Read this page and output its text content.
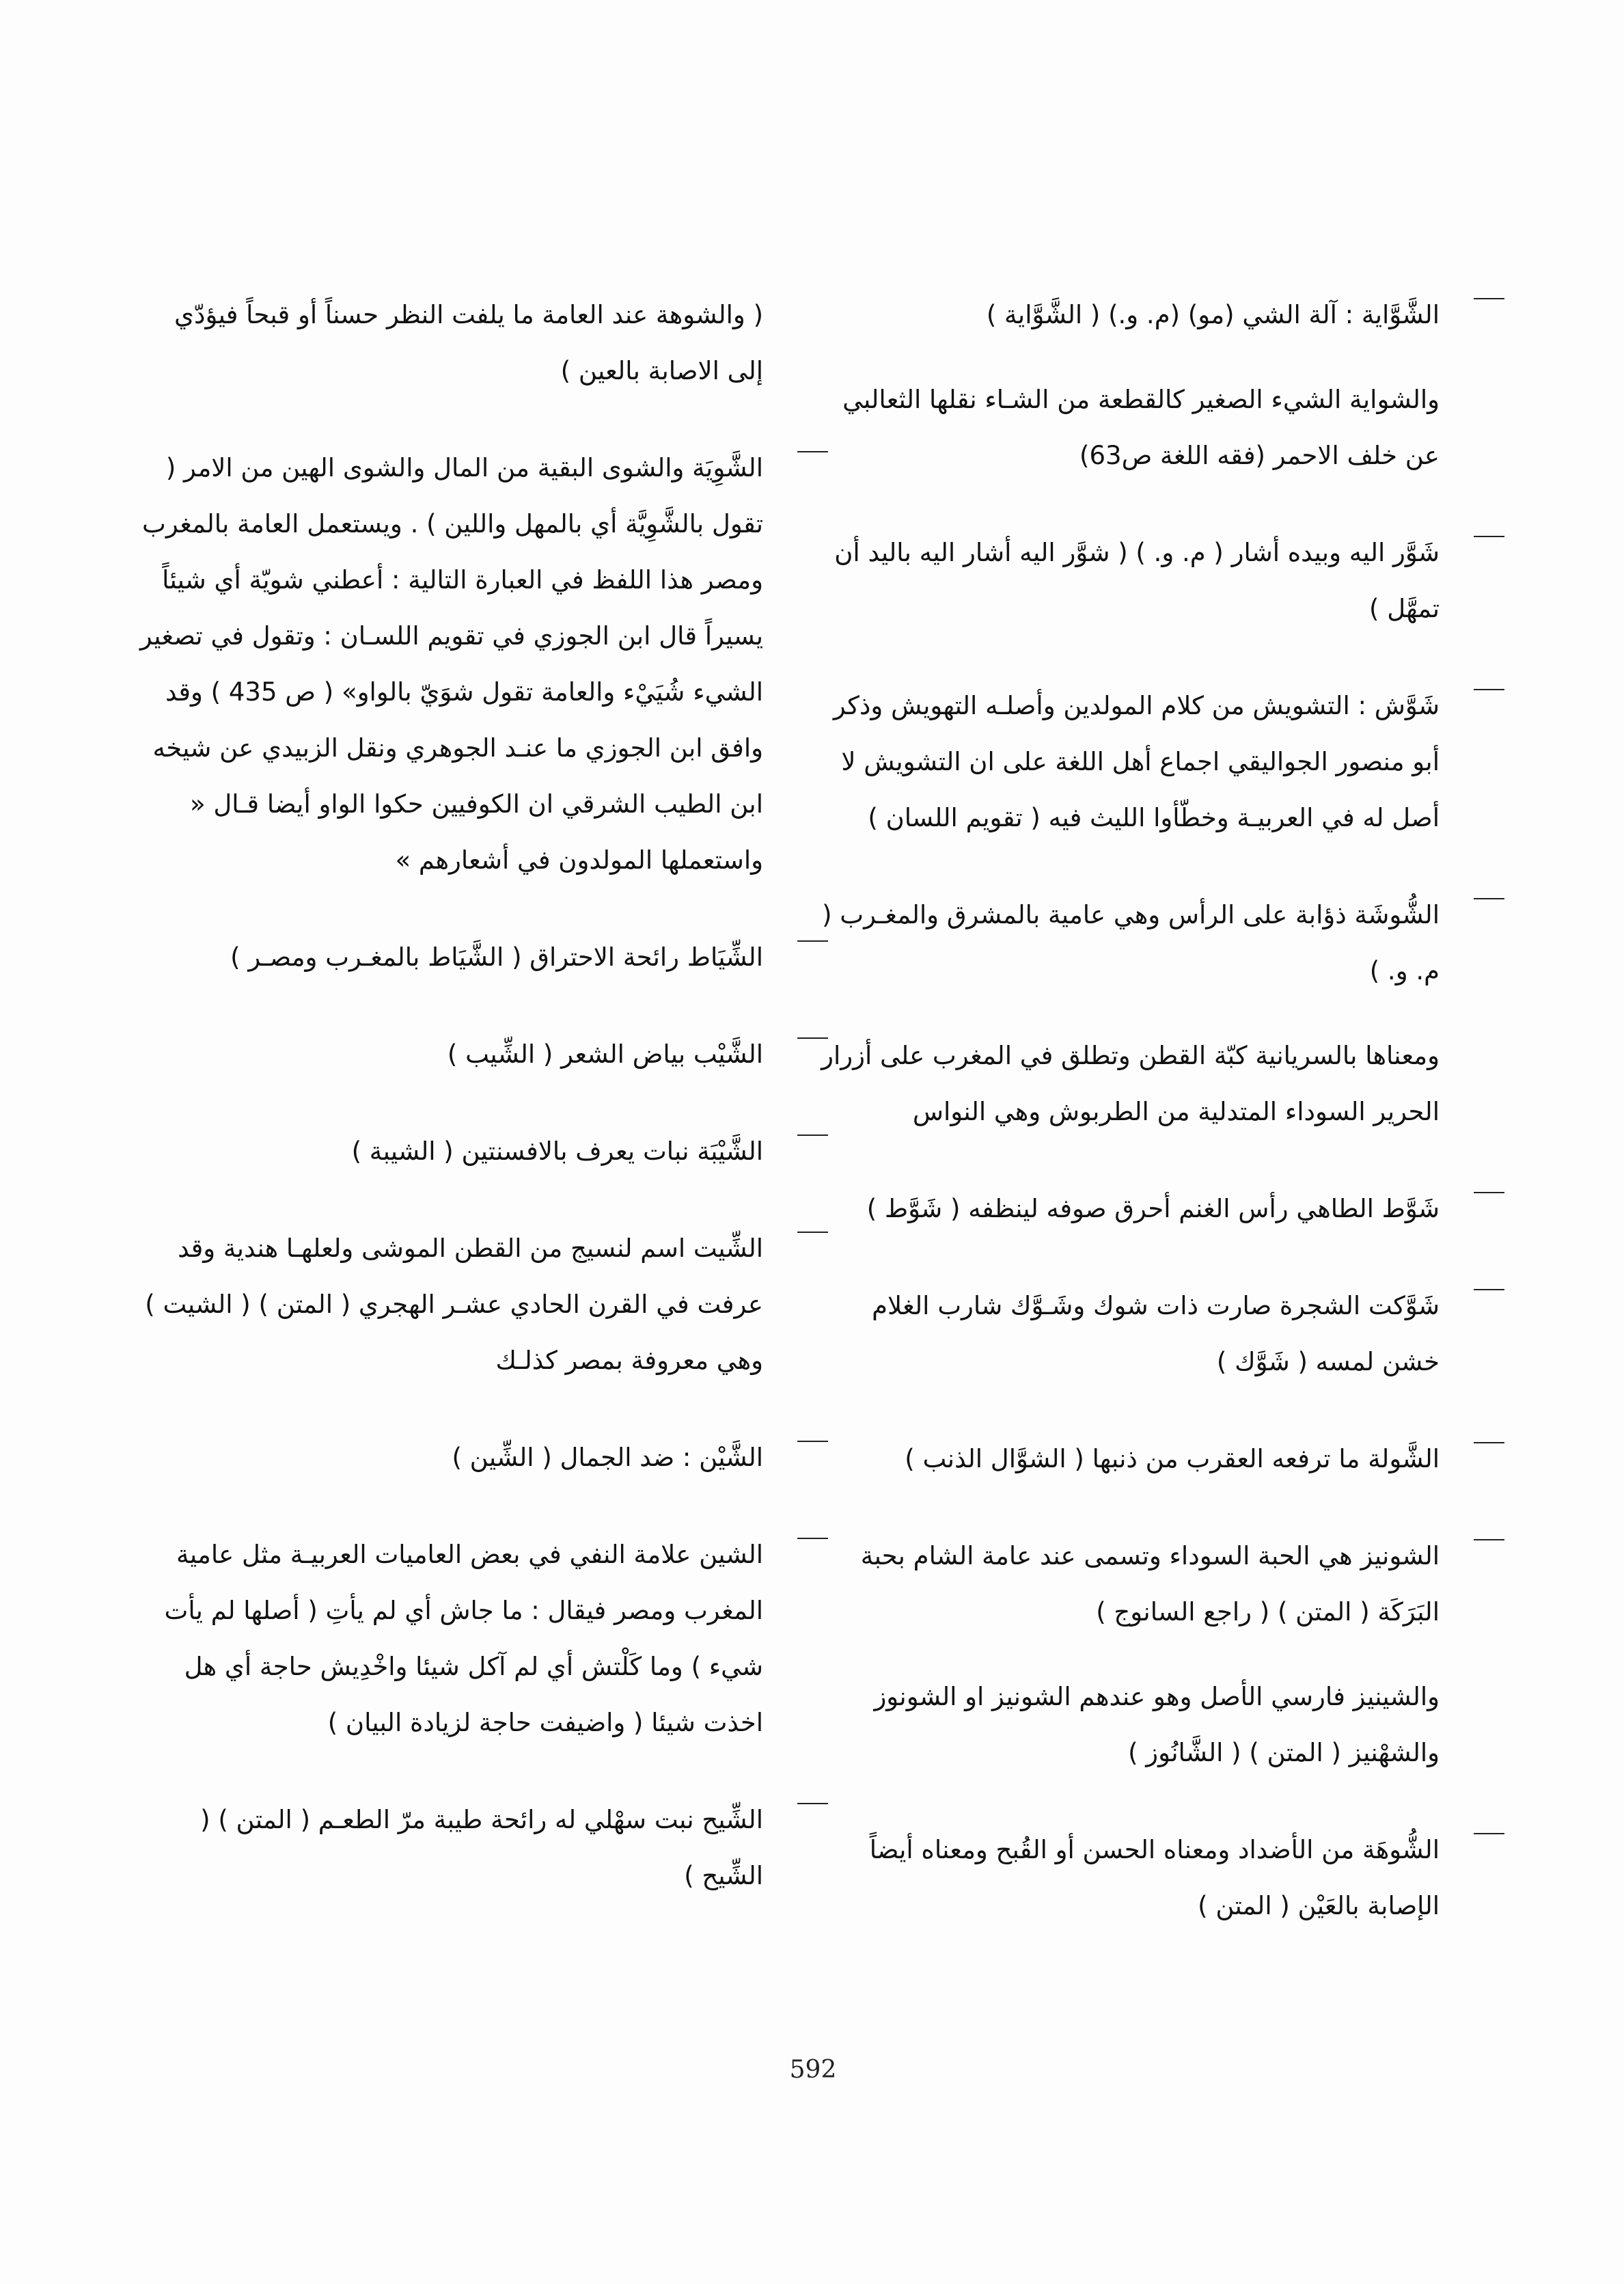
الشَّوَّاية : آلة الشي (مو) (م. و.) ( الشَّوَّاية )

والشواية الشيء الصغير كالقطعة من الشـاء نقلها الثعالبي عن خلف الاحمر (فقه اللغة ص63)

شَوَّر اليه وبيده أشار ( م. و. ) ( شوَّر اليه أشار اليه باليد أن تمهَّل )

شَوَّش : التشويش من كلام المولدين وأصلـه التهويش وذكر أبو منصور الجواليقي اجماع أهل اللغة على ان التشويش لا أصل له في العربيـة وخطّأوا الليث فيه ( تقويم اللسان )

الشُّوشَة ذؤابة على الرأس وهي عامية بالمشرق والمغـرب ( م. و. )

ومعناها بالسريانية كبّة القطن وتطلق في المغرب على أزرار الحرير السوداء المتدلية من الطربوش وهي النواس

شَوَّط الطاهي رأس الغنم أحرق صوفه لينظفه ( شَوَّط )

شَوَّكت الشجرة صارت ذات شوك وشَـوَّك شارب الغلام خشن لمسه ( شَوَّك )

الشَّولة ما ترفعه العقرب من ذنبها ( الشوَّال الذنب )

الشونيز هي الحبة السوداء وتسمى عند عامة الشام بحبة البَرَكَة ( المتن ) ( راجع السانوج )

والشينيز فارسي الأصل وهو عندهم الشونيز او الشونوز والشهْنيز ( المتن ) ( الشَّانُوز )

الشُّوهَة من الأضداد ومعناه الحسن أو القُبح ومعناه أيضاً الإصابة بالعَيْن ( المتن )

( والشوهة عند العامة ما يلفت النظر حسناً أو قبحاً فيؤدّي إلى الاصابة بالعين )

الشَّوِيَة والشوى البقية من المال والشوى الهين من الامر ( تقول بالشَّوِيَّة أي بالمهل واللين ) . ويستعمل العامة بالمغرب ومصر هذا اللفظ في العبارة التالية : أعطني شويّة أي شيئاً يسيراً قال ابن الجوزي في تقويم اللسـان : وتقول في تصغير الشيء شُيَيْء والعامة تقول شوَيّ بالواو» ( ص 435 ) وقد وافق ابن الجوزي ما عنـد الجوهري ونقل الزبيدي عن شيخه ابن الطيب الشرقي ان الكوفيين حكوا الواو أيضا قـال « واستعملها المولدون في أشعارهم »

الشِّيَاط رائحة الاحتراق ( الشَّيَاط بالمغـرب ومصـر )

الشَّيْب بياض الشعر ( الشِّيب )

الشَّيْبَة نبات يعرف بالافسنتين ( الشيبة )

الشِّيت اسم لنسيج من القطن الموشى ولعلهـا هندية وقد عرفت في القرن الحادي عشـر الهجري ( المتن ) ( الشيت ) وهي معروفة بمصر كذلـك

الشَّيْن : ضد الجمال ( الشِّين )

الشين علامة النفي في بعض العاميات العربيـة مثل عامية المغرب ومصر فيقال : ما جاش أي لم يأتِ ( أصلها لم يأت شيء ) وما كَلْتش أي لم آكل شيئا واخْدِيش حاجة أي هل اخذت شيئا ( واضيفت حاجة لزيادة البيان )

الشِّيح نبت سهْلي له رائحة طيبة مرّ الطعـم ( المتن ) ( الشِّيح )

592
